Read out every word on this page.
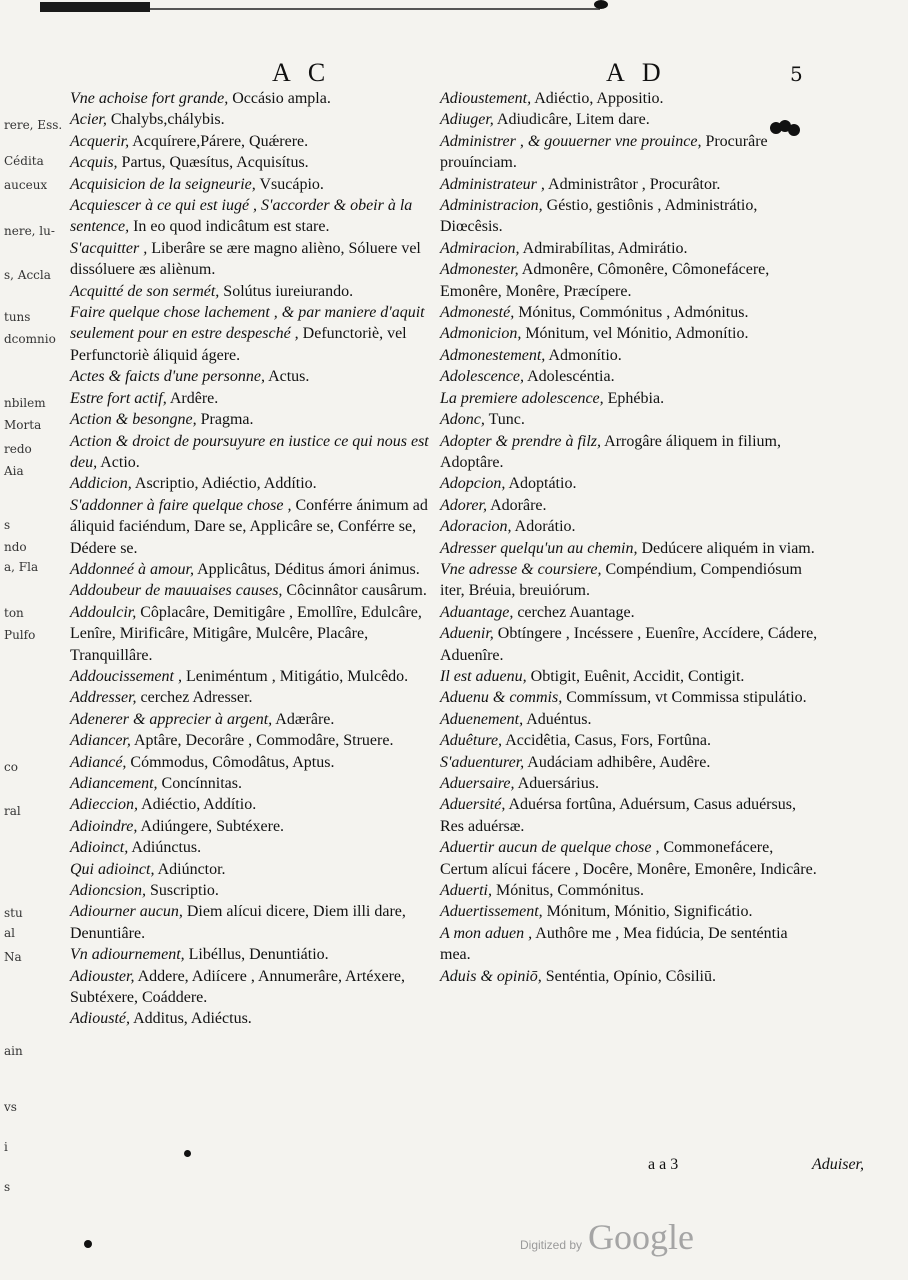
rere, Ess.
Cédita
auceux
nere, lu-
s, Accla
tuns
dcomnio
nbilem
Morta
redo
Aia
s
ndo
a, Fla
ton
Pulfo
co
ral
stu
al
Na
ain
vs
i
s
A C	A D	5
Vne achoise fort grande, Occásio ampla.
Acier, Chalybs,chálybis.
Acquerir, Acquírere,Párere, Quǽrere.
Acquis, Partus, Quæsítus, Acquisítus.
Acquisicion de la seigneurie, Vsucápio.
Acquiescer à ce qui est iugé , S'accorder & obeir à la sentence, In eo quod indicâtum est stare.
S'acquitter , Liberâre se ære magno alièno, Sóluere vel dissóluere æs aliènum.
Acquitté de son sermét, Solútus iureiurando.
Faire quelque chose lachement , & par maniere d'aquit seulement pour en estre despesché , Defunctoriè, vel Perfunctoriè áliquid ágere.
Actes & faicts d'une personne, Actus.
Estre fort actif, Ardêre.
Action & besongne, Pragma.
Action & droict de poursuyure en iustice ce qui nous est deu, Actio.
Addicion, Ascriptio, Adiéctio, Addítio.
S'addonner à faire quelque chose , Conférre ánimum ad áliquid faciéndum, Dare se, Applicâre se, Conférre se, Dédere se.
Addonneé à amour, Applicâtus, Déditus ámori ánimus.
Addoubeur de mauuaises causes, Côcinnâtor causârum.
Addoulcir, Côplacâre, Demitigâre , Emollîre, Edulcâre, Lenîre, Mirificâre, Mitigâre, Mulcêre, Placâre, Tranquillâre.
Addoucissement , Leniméntum , Mitigátio, Mulcêdo.
Addresser, cerchez Adresser.
Adenerer & apprecier à argent, Adærâre.
Adiancer, Aptâre, Decorâre , Commodâre, Struere.
Adiancé, Cómmodus, Cômodâtus, Aptus.
Adiancement, Concínnitas.
Adieccion, Adiéctio, Addítio.
Adioindre, Adiúngere, Subtéxere.
Adioinct, Adiúnctus.
Qui adioinct, Adiúnctor.
Adioncsion, Suscriptio.
Adiourner aucun, Diem alícui dicere, Diem illi dare, Denuntiâre.
Vn adiournement, Libéllus, Denuntiátio.
Adiouster, Addere, Adiícere , Annumerâre, Artéxere, Subtéxere, Coáddere.
Adiousté, Additus, Adiéctus.
Adioustement, Adiéctio, Appositio.
Adiuger, Adiudicâre, Litem dare.
Administrer , & gouuerner vne prouince, Procurâre prouínciam.
Administrateur , Administrâtor , Procurâtor.
Administracion, Géstio, gestiônis , Administrátio, Diœcêsis.
Admiracion, Admirabílitas, Admirátio.
Admonester, Admonêre, Cômonêre, Cômonefácere, Emonêre, Monêre, Præcípere.
Admonesté, Mónitus, Commónitus , Admónitus.
Admonicion, Mónitum, vel Mónitio, Admonítio.
Admonestement, Admonítio.
Adolescence, Adolescéntia.
La premiere adolescence, Ephébia.
Adonc, Tunc.
Adopter & prendre à filz, Arrogâre áliquem in filium, Adoptâre.
Adopcion, Adoptátio.
Adorer, Adorâre.
Adoracion, Adorátio.
Adresser quelqu'un au chemin, Dedúcere aliquém in viam.
Vne adresse & coursiere, Compéndium, Compendiósum iter, Bréuia, breuiórum.
Aduantage, cerchez Auantage.
Aduenir, Obtíngere , Incéssere , Euenîre, Accídere, Cádere, Aduenîre.
Il est aduenu, Obtigit, Euênit, Accidit, Contigit.
Aduenu & commis, Commíssum, vt Commissa stipulátio.
Aduenement, Aduéntus.
Aduêture, Accidêtia, Casus, Fors, Fortûna.
S'aduenturer, Audáciam adhibêre, Audêre.
Aduersaire, Aduersárius.
Aduersité, Aduérsa fortûna, Aduérsum, Casus aduérsus, Res aduérsæ.
Aduertir aucun de quelque chose , Commonefácere, Certum alícui fácere , Docêre, Monêre, Emonêre, Indicâre.
Aduerti, Mónitus, Commónitus.
Aduertissement, Mónitum, Mónitio, Significátio.
A mon aduen , Authôre me , Mea fidúcia, De senténtia mea.
Aduis & opiniō, Senténtia, Opínio, Côsiliū.
a a 3	Aduiser,
Digitized by Google
